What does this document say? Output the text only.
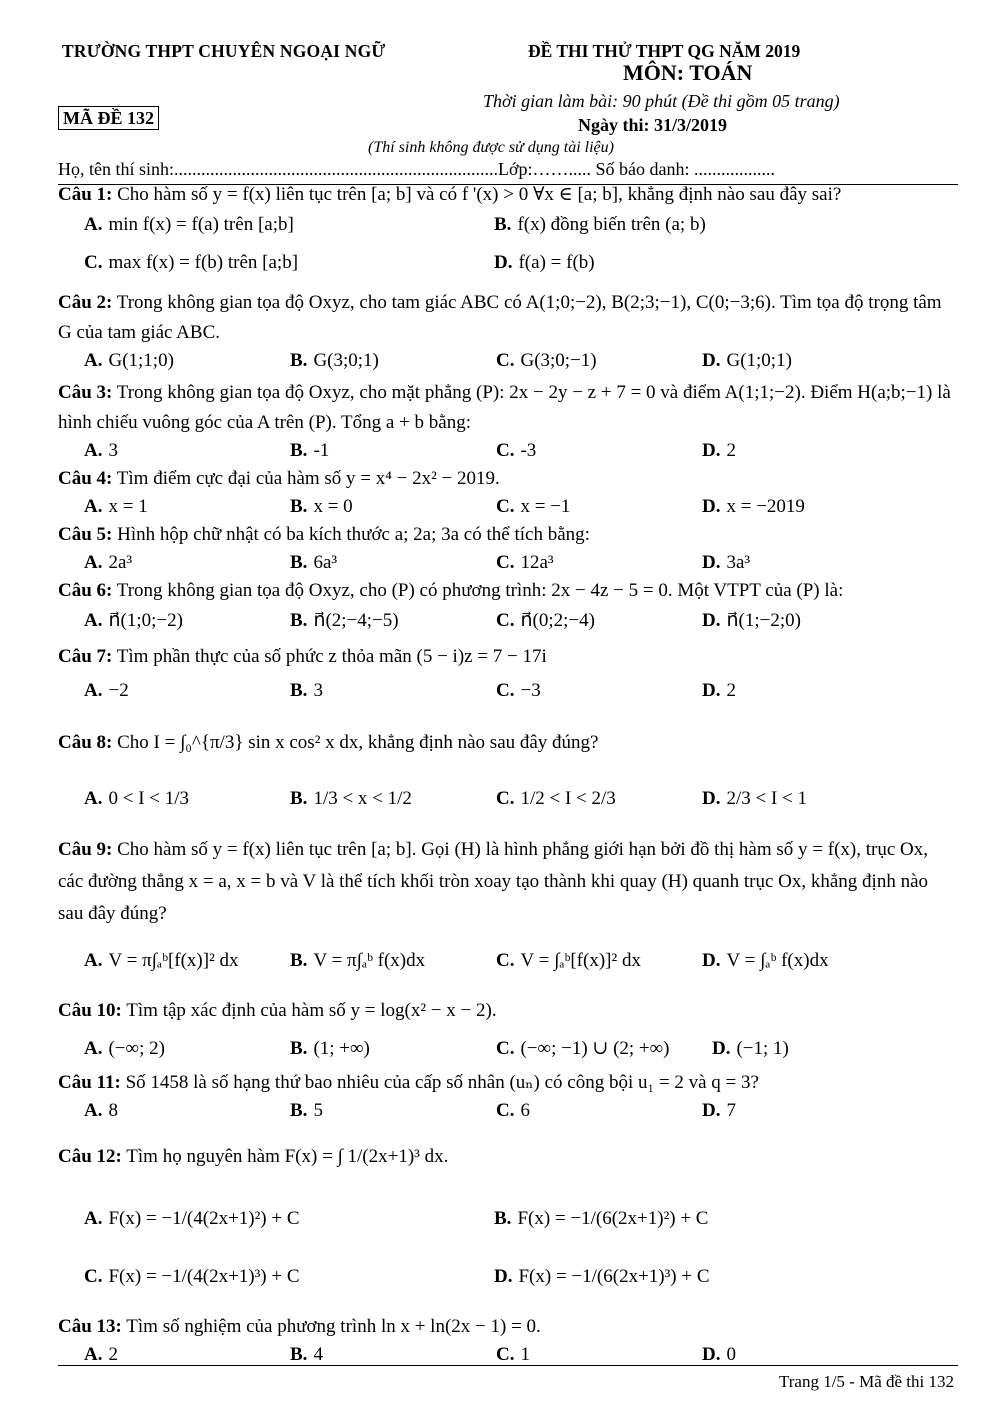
TRƯỜNG THPT CHUYÊN NGOẠI NGỮ	ĐỀ THI THỬ THPT QG NĂM 2019
MÔN: TOÁN
Thời gian làm bài: 90 phút (Đề thi gồm 05 trang)
MÃ ĐỀ 132	Ngày thi: 31/3/2019
(Thí sinh không được sử dụng tài liệu)
Họ, tên thí sinh:........................................................................Lớp:……..... Số báo danh: ..................
Câu 1: Cho hàm số y = f(x) liên tục trên [a; b] và có f '(x) > 0 ∀x ∈ [a; b], khẳng định nào sau đây sai?
A. min f(x) = f(a) trên [a;b]	B. f(x) đồng biến trên (a; b)
C. max f(x) = f(b) trên [a;b]	D. f(a) = f(b)
Câu 2: Trong không gian tọa độ Oxyz, cho tam giác ABC có A(1;0;−2), B(2;3;−1), C(0;−3;6). Tìm tọa độ trọng tâm G của tam giác ABC.
A. G(1;1;0)	B. G(3;0;1)	C. G(3;0;−1)	D. G(1;0;1)
Câu 3: Trong không gian tọa độ Oxyz, cho mặt phẳng (P): 2x − 2y − z + 7 = 0 và điểm A(1;1;−2). Điểm H(a;b;−1) là hình chiếu vuông góc của A trên (P). Tổng a + b bằng:
A. 3	B. -1	C. -3	D. 2
Câu 4: Tìm điểm cực đại của hàm số y = x⁴ − 2x² − 2019.
A. x = 1	B. x = 0	C. x = −1	D. x = −2019
Câu 5: Hình hộp chữ nhật có ba kích thước a; 2a; 3a có thể tích bằng:
A. 2a³	B. 6a³	C. 12a³	D. 3a³
Câu 6: Trong không gian tọa độ Oxyz, cho (P) có phương trình: 2x − 4z − 5 = 0. Một VTPT của (P) là:
A. n⃗(1;0;−2)	B. n⃗(2;−4;−5)	C. n⃗(0;2;−4)	D. n⃗(1;−2;0)
Câu 7: Tìm phần thực của số phức z thỏa mãn (5 − i)z = 7 − 17i
A. −2	B. 3	C. −3	D. 2
Câu 8: Cho I = ∫₀^{π/3} sin x cos² x dx, khẳng định nào sau đây đúng?
A. 0 < I < 1/3	B. 1/3 < x < 1/2	C. 1/2 < I < 2/3	D. 2/3 < I < 1
Câu 9: Cho hàm số y = f(x) liên tục trên [a; b]. Gọi (H) là hình phẳng giới hạn bởi đồ thị hàm số y = f(x), trục Ox, các đường thẳng x = a, x = b và V là thể tích khối tròn xoay tạo thành khi quay (H) quanh trục Ox, khẳng định nào sau đây đúng?
A. V = π∫ₐᵇ[f(x)]² dx	B. V = π∫ₐᵇ f(x)dx	C. V = ∫ₐᵇ[f(x)]² dx	D. V = ∫ₐᵇ f(x)dx
Câu 10: Tìm tập xác định của hàm số y = log(x² − x − 2).
A. (−∞; 2)	B. (1; +∞)	C. (−∞; −1) ∪ (2; +∞) D. (−1; 1)
Câu 11: Số 1458 là số hạng thứ bao nhiêu của cấp số nhân (uₙ) có công bội u₁ = 2 và q = 3?
A. 8	B. 5	C. 6	D. 7
Câu 12: Tìm họ nguyên hàm F(x) = ∫ 1/(2x+1)³ dx.
A. F(x) = −1/(4(2x+1)²) + C	B. F(x) = −1/(6(2x+1)²) + C
C. F(x) = −1/(4(2x+1)³) + C	D. F(x) = −1/(6(2x+1)³) + C
Câu 13: Tìm số nghiệm của phương trình ln x + ln(2x − 1) = 0.
A. 2	B. 4	C. 1	D. 0
Trang 1/5 - Mã đề thi 132
